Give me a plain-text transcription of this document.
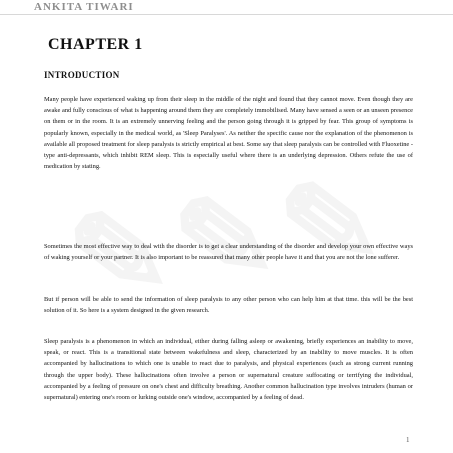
ANKITA TIWARI
CHAPTER 1
INTRODUCTION

Many people have experienced waking up from their sleep in the middle of the night and found that they cannot move. Even though they are awake and fully conscious of what is happening around them they are completely immobilised. Many have sensed a seen or an unseen presence on them or in the room. It is an extremely unnerving feeling and the person going through it is gripped by fear. This group of symptoms is popularly known, especially in the medical world, as 'Sleep Paralyses'. As neither the specific cause nor the explanation of the phenomenon is available all proposed treatment for sleep paralysis is strictly empirical at best. Some say that sleep paralysis can be controlled with Fluoxetine - type anti-depressants, which inhibit REM sleep. This is especially useful where there is an underlying depression. Others refute the use of medication by stating.

Sometimes the most effective way to deal with the disorder is to get a clear understanding of the disorder and develop your own effective ways of waking yourself or your partner. It is also important to be reassured that many other people have it and that you are not the lone sufferer.

But if person will be able to send the information of sleep paralysis to any other person who can help him at that time. this will be the best solution of it. So here is a system designed in the given research.

Sleep paralysis is a phenomenon in which an individual, either during falling asleep or awakening, briefly experiences an inability to move, speak, or react. This is a transitional state between wakefulness and sleep, characterized by an inability to move muscles. It is often accompanied by hallucinations to which one is unable to react due to paralysis, and physical experiences (such as strong current running through the upper body). These hallucinations often involve a person or supernatural creature suffocating or terrifying the individual, accompanied by a feeling of pressure on one's chest and difficulty breathing. Another common hallucination type involves intruders (human or supernatural) entering one's room or lurking outside one's window, accompanied by a feeling of dead.

1
